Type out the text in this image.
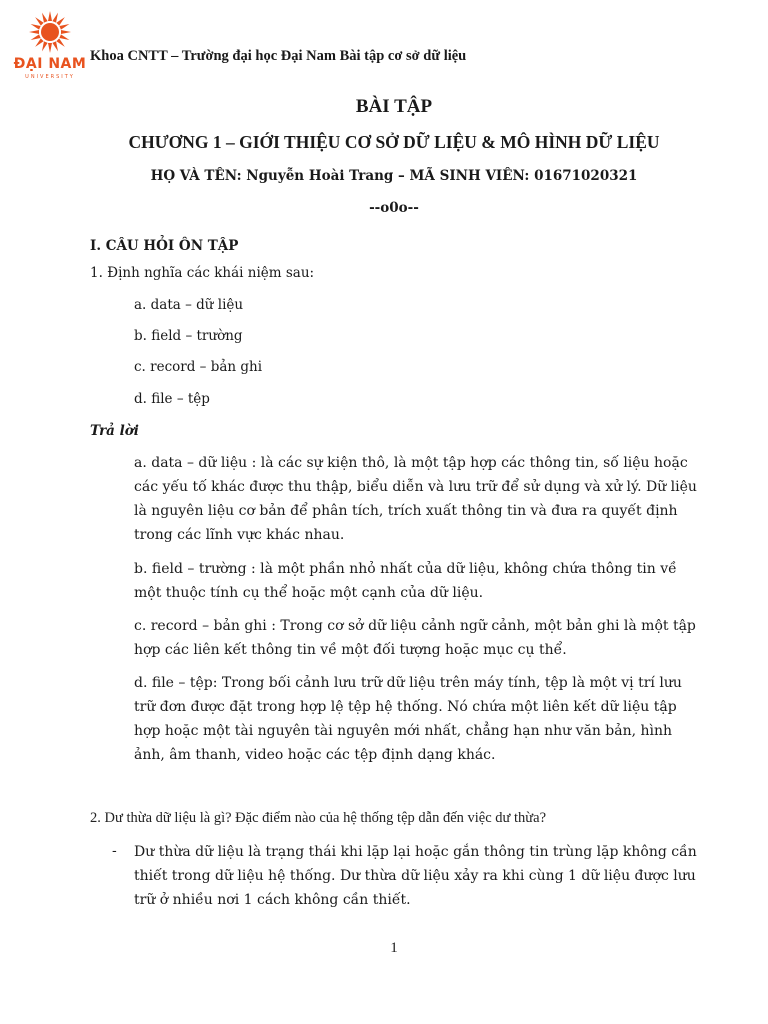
ĐẠI NAM
UNIVERSITY
Khoa CNTT – Trường đại học Đại Nam Bài tập cơ sở dữ liệu
BÀI TẬP
CHƯƠNG 1 – GIỚI THIỆU CƠ SỞ DỮ LIỆU & MÔ HÌNH DỮ LIỆU
HỌ VÀ TÊN: Nguyễn Hoài Trang – MÃ SINH VIÊN: 01671020321
--o0o--
I. CÂU HỎI ÔN TẬP
1. Định nghĩa các khái niệm sau:
a. data – dữ liệu
b. field – trường
c. record – bản ghi
d. file – tệp
Trả lời
a. data – dữ liệu : là các sự kiện thô, là một tập hợp các thông tin, số liệu hoặc các yếu tố khác được thu thập, biểu diễn và lưu trữ để sử dụng và xử lý. Dữ liệu là nguyên liệu cơ bản để phân tích, trích xuất thông tin và đưa ra quyết định trong các lĩnh vực khác nhau.
b. field – trường : là một phần nhỏ nhất của dữ liệu, không chứa thông tin về một thuộc tính cụ thể hoặc một cạnh của dữ liệu.
c. record – bản ghi : Trong cơ sở dữ liệu cảnh ngữ cảnh, một bản ghi là một tập hợp các liên kết thông tin về một đối tượng hoặc mục cụ thể.
d. file – tệp: Trong bối cảnh lưu trữ dữ liệu trên máy tính, tệp là một vị trí lưu trữ đơn được đặt trong hợp lệ tệp hệ thống. Nó chứa một liên kết dữ liệu tập hợp hoặc một tài nguyên tài nguyên mới nhất, chẳng hạn như văn bản, hình ảnh, âm thanh, video hoặc các tệp định dạng khác.
2. Dư thừa dữ liệu là gì? Đặc điểm nào của hệ thống tệp dẫn đến việc dư thừa?
- Dư thừa dữ liệu là trạng thái khi lặp lại hoặc gắn thông tin trùng lặp không cần thiết trong dữ liệu hệ thống. Dư thừa dữ liệu xảy ra khi cùng 1 dữ liệu được lưu trữ ở nhiều nơi 1 cách không cần thiết.
1
